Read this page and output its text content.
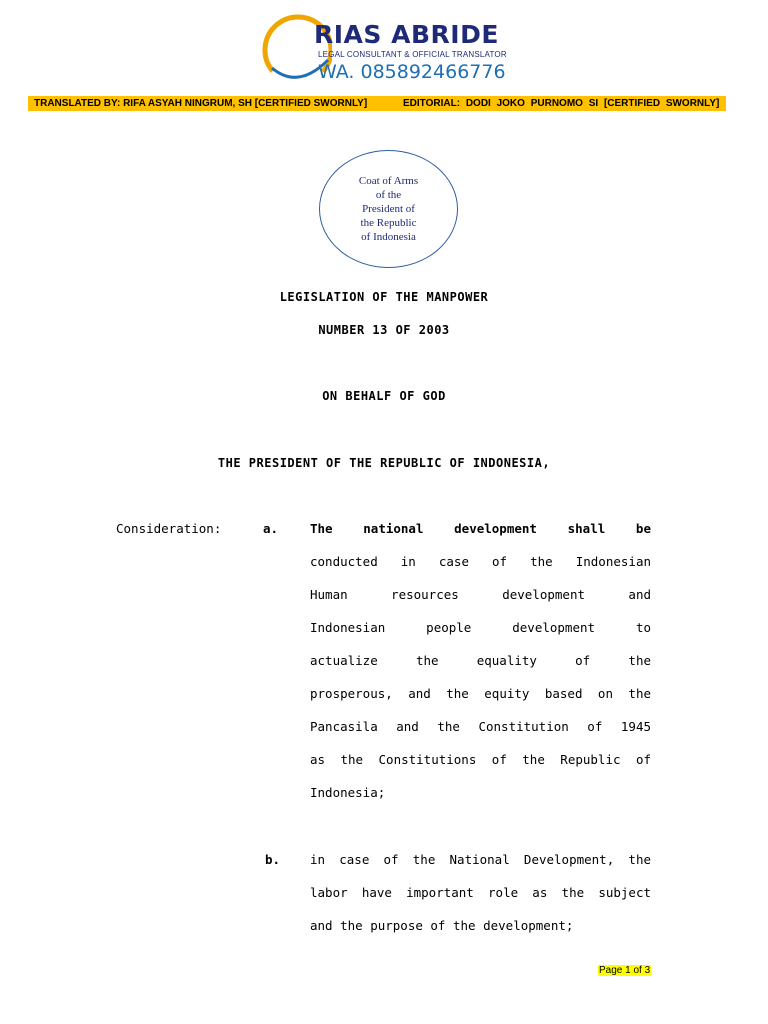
RIAS ABRIDE
LEGAL CONSULTANT & OFFICIAL TRANSLATOR
WA. 085892466776
TRANSLATED BY: RIFA ASYAH NINGRUM, SH [CERTIFIED SWORNLY]	EDITORIAL: DODI JOKO PURNOMO SI [CERTIFIED SWORNLY]
Coat of Arms
of the
President of
the Republic
of Indonesia
LEGISLATION OF THE MANPOWER
NUMBER 13 OF 2003
ON BEHALF OF GOD
THE PRESIDENT OF THE REPUBLIC OF INDONESIA,
Consideration:	a.	The national development shall be
conducted in case of the Indonesian
Human resources development and
Indonesian people development to
actualize the equality of the
prosperous, and the equity based on the
Pancasila and the Constitution of 1945
as the Constitutions of the Republic of
Indonesia;
b. in case of the National Development, the
labor have important role as the subject
and the purpose of the development;
Page 1 of 3
